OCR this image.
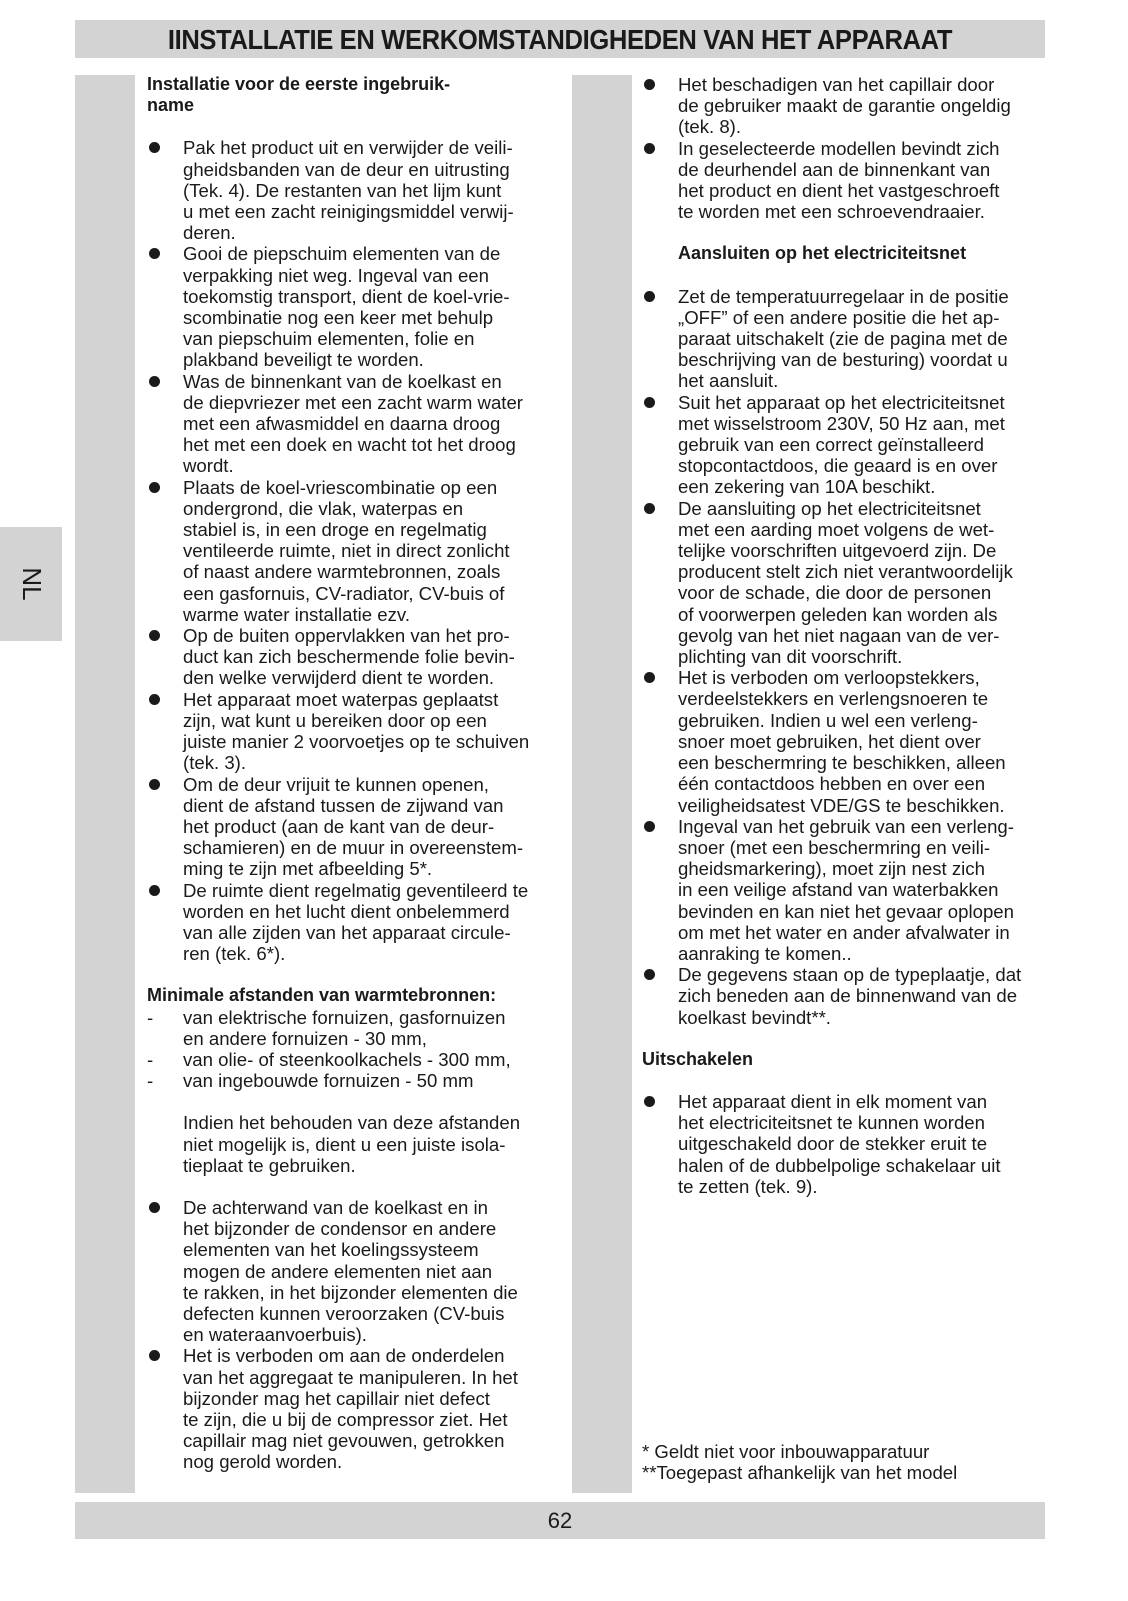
IINSTALLATIE EN WERKOMSTANDIGHEDEN VAN HET APPARAAT
NL
Installatie voor de eerste ingebruik-
name
Pak het product uit en verwijder de veili-
gheidsbanden van de deur en uitrusting
(Tek. 4). De restanten van het lijm kunt
u met een zacht reinigingsmiddel verwij-
deren.
Gooi de piepschuim elementen van de
verpakking niet weg. Ingeval van een
toekomstig transport, dient de koel-vrie-
scombinatie nog een keer met behulp
van piepschuim elementen, folie en
plakband beveiligt te worden.
Was de binnenkant van de koelkast en
de diepvriezer met een zacht warm water
met een afwasmiddel en daarna droog
het met een doek en wacht tot het droog
wordt.
Plaats de koel-vriescombinatie op een
ondergrond, die vlak, waterpas en
stabiel is, in een droge en regelmatig
ventileerde ruimte, niet in direct zonlicht
of naast andere warmtebronnen, zoals
een gasfornuis, CV-radiator, CV-buis of
warme water installatie ezv.
Op de buiten oppervlakken van het pro-
duct kan zich beschermende folie bevin-
den welke verwijderd dient te worden.
Het apparaat moet waterpas geplaatst
zijn, wat kunt u bereiken door op een
juiste manier 2 voorvoetjes op te schuiven
(tek. 3).
Om de deur vrijuit te kunnen openen,
dient de afstand tussen de zijwand van
het product (aan de kant van de deur-
schamieren) en de muur in overeenstem-
ming te zijn met afbeelding 5*.
De ruimte dient regelmatig geventileerd te
worden en het lucht dient onbelemmerd
van alle zijden van het apparaat circule-
ren (tek. 6*).
Minimale afstanden van warmtebronnen:
- van elektrische fornuizen, gasfornuizen
en andere fornuizen - 30 mm,
- van olie- of steenkoolkachels - 300 mm,
- van ingebouwde fornuizen - 50 mm
Indien het behouden van deze afstanden
niet mogelijk is, dient u een juiste isola-
tieplaat te gebruiken.
De achterwand van de koelkast en in
het bijzonder de condensor en andere
elementen van het koelingssysteem
mogen de andere elementen niet aan
te rakken, in het bijzonder elementen die
defecten kunnen veroorzaken (CV-buis
en wateraanvoerbuis).
Het is verboden om aan de onderdelen
van het aggregaat te manipuleren. In het
bijzonder mag het capillair niet defect
te zijn, die u bij de compressor ziet. Het
capillair mag niet gevouwen, getrokken
nog gerold worden.
Het beschadigen van het capillair door
de gebruiker maakt de garantie ongeldig
(tek. 8).
In geselecteerde modellen bevindt zich
de deurhendel aan de binnenkant van
het product en dient het vastgeschroeft
te worden met een schroevendraaier.
Aansluiten op het electriciteitsnet
Zet de temperatuurregelaar in de positie
„OFF” of een andere positie die het ap-
paraat uitschakelt (zie de pagina met de
beschrijving van de besturing) voordat u
het aansluit.
Suit het apparaat op het electriciteitsnet
met wisselstroom 230V, 50 Hz aan, met
gebruik van een correct geïnstalleerd
stopcontactdoos, die geaard is en over
een zekering van 10A beschikt.
De aansluiting op het electriciteitsnet
met een aarding moet volgens de wet-
telijke voorschriften uitgevoerd zijn. De
producent stelt zich niet verantwoordelijk
voor de schade, die door de personen
of voorwerpen geleden kan worden als
gevolg van het niet nagaan van de ver-
plichting van dit voorschrift.
Het is verboden om verloopstekkers,
verdeelstekkers en verlengsnoeren te
gebruiken. Indien u wel een verleng-
snoer moet gebruiken, het dient over
een beschermring te beschikken, alleen
één contactdoos hebben en over een
veiligheidsatest VDE/GS te beschikken.
Ingeval van het gebruik van een verleng-
snoer (met een beschermring en veili-
gheidsmarkering), moet zijn nest zich
in een veilige afstand van waterbakken
bevinden en kan niet het gevaar oplopen
om met het water en ander afvalwater in
aanraking te komen..
De gegevens staan op de typeplaatje, dat
zich beneden aan de binnenwand van de
koelkast bevindt**.
Uitschakelen
Het apparaat dient in elk moment van
het electriciteitsnet te kunnen worden
uitgeschakeld door de stekker eruit te
halen of de dubbelpolige schakelaar uit
te zetten (tek. 9).
* Geldt niet voor inbouwapparatuur
**Toegepast afhankelijk van het model
62
